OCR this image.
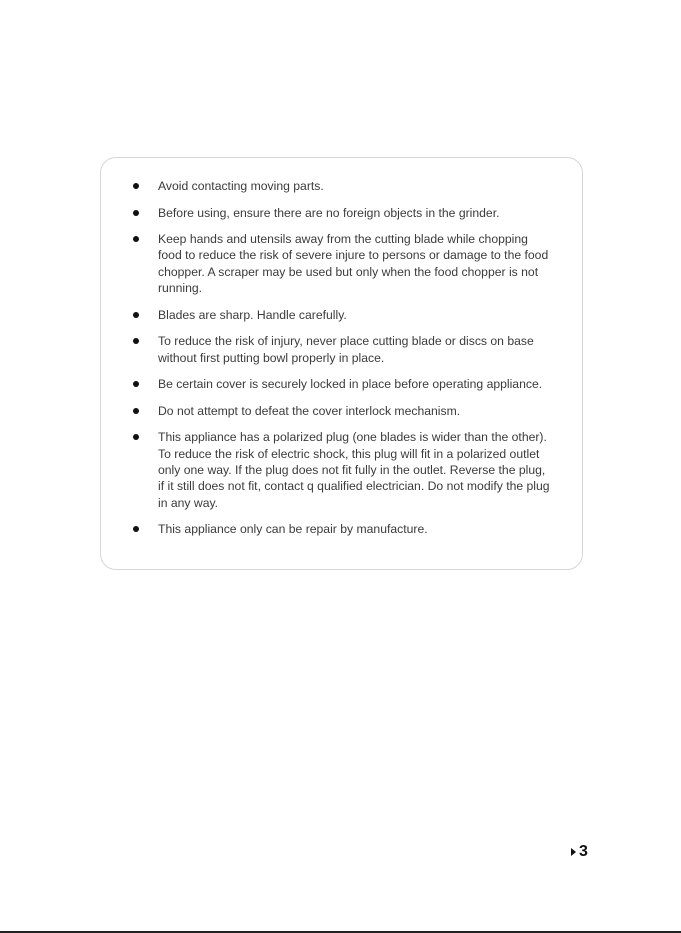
Avoid contacting moving parts.
Before using, ensure there are no foreign objects in the grinder.
Keep hands and utensils away from the cutting blade while chopping food to reduce the risk of severe injure to persons or damage to the food chopper. A scraper may be used but only when the food chopper is not running.
Blades are sharp. Handle carefully.
To reduce the risk of injury, never place cutting blade or discs on base without first putting bowl properly in place.
Be certain cover is securely locked in place before operating appliance.
Do not attempt to defeat the cover interlock mechanism.
This appliance has a polarized plug (one blades is wider than the other). To reduce the risk of electric shock, this plug will fit in a polarized outlet only one way. If the plug does not fit fully in the outlet. Reverse the plug, if it still does not fit, contact q qualified electrician. Do not modify the plug in any way.
This appliance only can be repair by manufacture.
3
